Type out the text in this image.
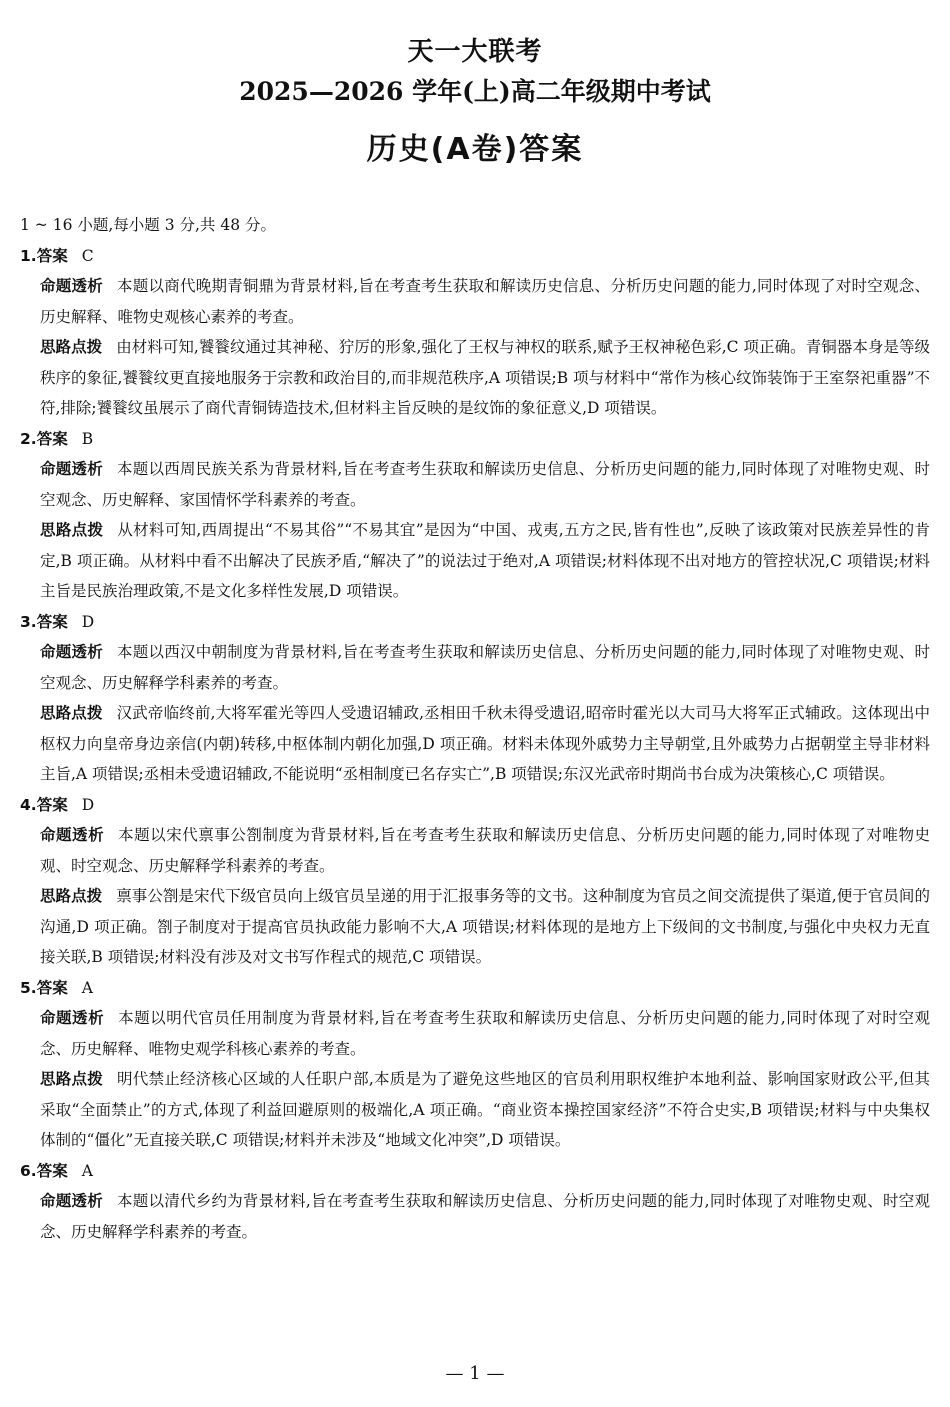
天一大联考
2025—2026 学年(上)高二年级期中考试
历史(A卷)答案
1 ~ 16 小题,每小题 3 分,共 48 分。
1.答案 C
命题透析 本题以商代晚期青铜鼎为背景材料,旨在考查考生获取和解读历史信息、分析历史问题的能力,同时体现了对时空观念、历史解释、唯物史观核心素养的考查。
思路点拨 由材料可知,饕餮纹通过其神秘、狞厉的形象,强化了王权与神权的联系,赋予王权神秘色彩,C 项正确。青铜器本身是等级秩序的象征,饕餮纹更直接地服务于宗教和政治目的,而非规范秩序,A 项错误;B 项与材料中“常作为核心纹饰装饰于王室祭祀重器”不符,排除;饕餮纹虽展示了商代青铜铸造技术,但材料主旨反映的是纹饰的象征意义,D 项错误。
2.答案 B
命题透析 本题以西周民族关系为背景材料,旨在考查考生获取和解读历史信息、分析历史问题的能力,同时体现了对唯物史观、时空观念、历史解释、家国情怀学科素养的考查。
思路点拨 从材料可知,西周提出“不易其俗”“不易其宜”是因为“中国、戎夷,五方之民,皆有性也”,反映了该政策对民族差异性的肯定,B 项正确。从材料中看不出解决了民族矛盾,“解决了”的说法过于绝对,A 项错误;材料体现不出对地方的管控状况,C 项错误;材料主旨是民族治理政策,不是文化多样性发展,D 项错误。
3.答案 D
命题透析 本题以西汉中朝制度为背景材料,旨在考查考生获取和解读历史信息、分析历史问题的能力,同时体现了对唯物史观、时空观念、历史解释学科素养的考查。
思路点拨 汉武帝临终前,大将军霍光等四人受遗诏辅政,丞相田千秋未得受遗诏,昭帝时霍光以大司马大将军正式辅政。这体现出中枢权力向皇帝身边亲信(内朝)转移,中枢体制内朝化加强,D 项正确。材料未体现外戚势力主导朝堂,且外戚势力占据朝堂主导非材料主旨,A 项错误;丞相未受遗诏辅政,不能说明“丞相制度已名存实亡”,B 项错误;东汉光武帝时期尚书台成为决策核心,C 项错误。
4.答案 D
命题透析 本题以宋代禀事公劄制度为背景材料,旨在考查考生获取和解读历史信息、分析历史问题的能力,同时体现了对唯物史观、时空观念、历史解释学科素养的考查。
思路点拨 禀事公劄是宋代下级官员向上级官员呈递的用于汇报事务等的文书。这种制度为官员之间交流提供了渠道,便于官员间的沟通,D 项正确。劄子制度对于提高官员执政能力影响不大,A 项错误;材料体现的是地方上下级间的文书制度,与强化中央权力无直接关联,B 项错误;材料没有涉及对文书写作程式的规范,C 项错误。
5.答案 A
命题透析 本题以明代官员任用制度为背景材料,旨在考查考生获取和解读历史信息、分析历史问题的能力,同时体现了对时空观念、历史解释、唯物史观学科核心素养的考查。
思路点拨 明代禁止经济核心区域的人任职户部,本质是为了避免这些地区的官员利用职权维护本地利益、影响国家财政公平,但其采取“全面禁止”的方式,体现了利益回避原则的极端化,A 项正确。“商业资本操控国家经济”不符合史实,B 项错误;材料与中央集权体制的“僵化”无直接关联,C 项错误;材料并未涉及“地域文化冲突”,D 项错误。
6.答案 A
命题透析 本题以清代乡约为背景材料,旨在考查考生获取和解读历史信息、分析历史问题的能力,同时体现了对唯物史观、时空观念、历史解释学科素养的考查。
— 1 —
